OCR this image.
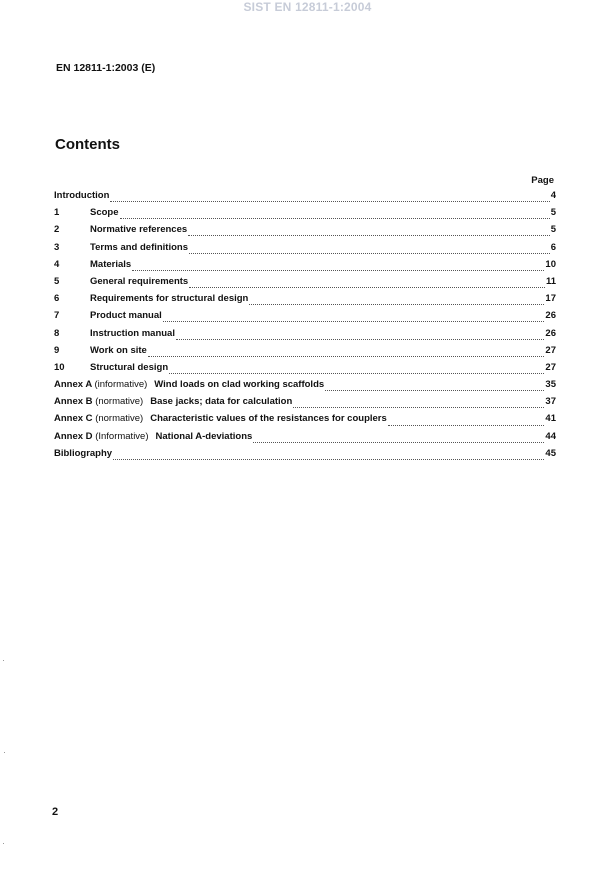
SIST EN 12811-1:2004
EN 12811-1:2003 (E)
Contents
Page
Introduction	4
1	Scope	5
2	Normative references	5
3	Terms and definitions	6
4	Materials	10
5	General requirements	11
6	Requirements for structural design	17
7	Product manual	26
8	Instruction manual	26
9	Work on site	27
10	Structural design	27
Annex A (informative) Wind loads on clad working scaffolds	35
Annex B (normative) Base jacks; data for calculation	37
Annex C (normative) Characteristic values of the resistances for couplers	41
Annex D (Informative) National A-deviations	44
Bibliography	45
2
